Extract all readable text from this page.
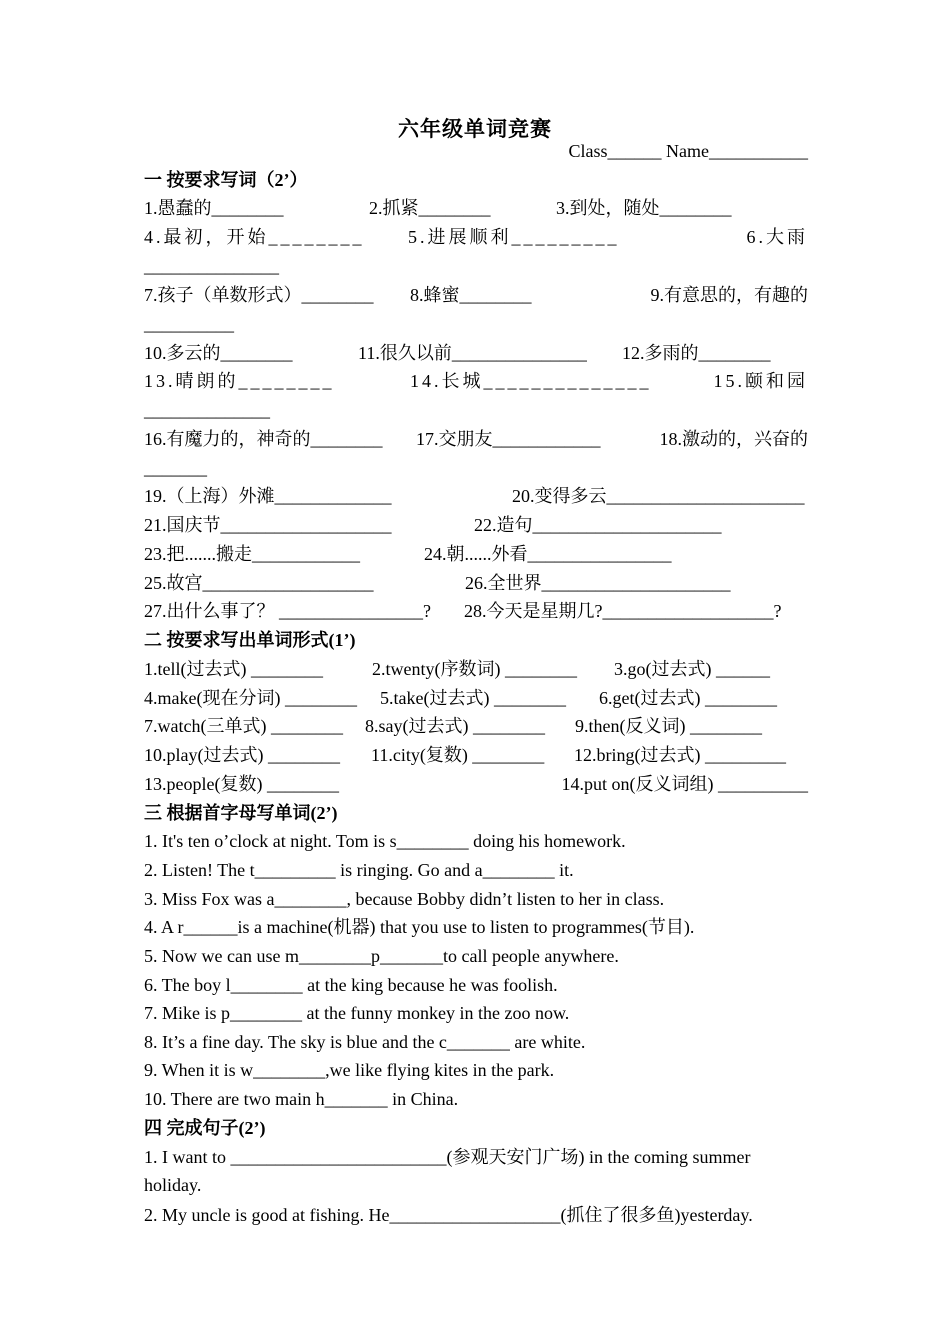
六年级单词竞赛
Class______ Name___________
一 按要求写词（2’）
1.愚蠢的________	2.抓紧________	3.到处，随处________
4.最初，开始________ 5.进展顺利_________	6.大雨
_______________
7.孩子（单数形式）________ 8.蜂蜜________	9.有意思的，有趣的
__________
10.多云的________	11.很久以前_______________ 12.多雨的________
13.晴朗的________	14.长城______________	15.颐和园
______________
16.有魔力的，神奇的________ 17.交朋友____________	18.激动的，兴奋的
_______
19.（上海）外滩_____________	20.变得多云______________________
21.国庆节___________________	22.造句_____________________
23.把.......搬走____________	24.朝......外看________________
25.故宫___________________	26.全世界_____________________
27.出什么事了？ ________________? 28.今天是星期几?___________________?
二 按要求写出单词形式(1’)
1.tell(过去式) ________	2.twenty(序数词) ________ 3.go(过去式) ______
4.make(现在分词) ________ 5.take(过去式) ________ 6.get(过去式) ________
7.watch(三单式) ________ 8.say(过去式) ________ 9.then(反义词) ________
10.play(过去式) ________ 11.city(复数) ________ 12.bring(过去式) _________
13.people(复数) ________	14.put on(反义词组) __________
三 根据首字母写单词(2’)
1. It's ten o’clock at night. Tom is s________ doing his homework.
2. Listen! The t_________ is ringing. Go and a________ it.
3. Miss Fox was a________, because Bobby didn’t listen to her in class.
4. A r______is a machine(机器) that you use to listen to programmes(节目).
5. Now we can use m________p_______to call people anywhere.
6. The boy l________ at the king because he was foolish.
7. Mike is p________ at the funny monkey in the zoo now.
8. It’s a fine day. The sky is blue and the c_______ are white.
9. When it is w________,we like flying kites in the park.
10. There are two main h_______ in China.
四 完成句子(2’)
1. I want to ________________________(参观天安门广场) in the coming summer
holiday.
2. My uncle is good at fishing. He___________________(抓住了很多鱼)yesterday.
